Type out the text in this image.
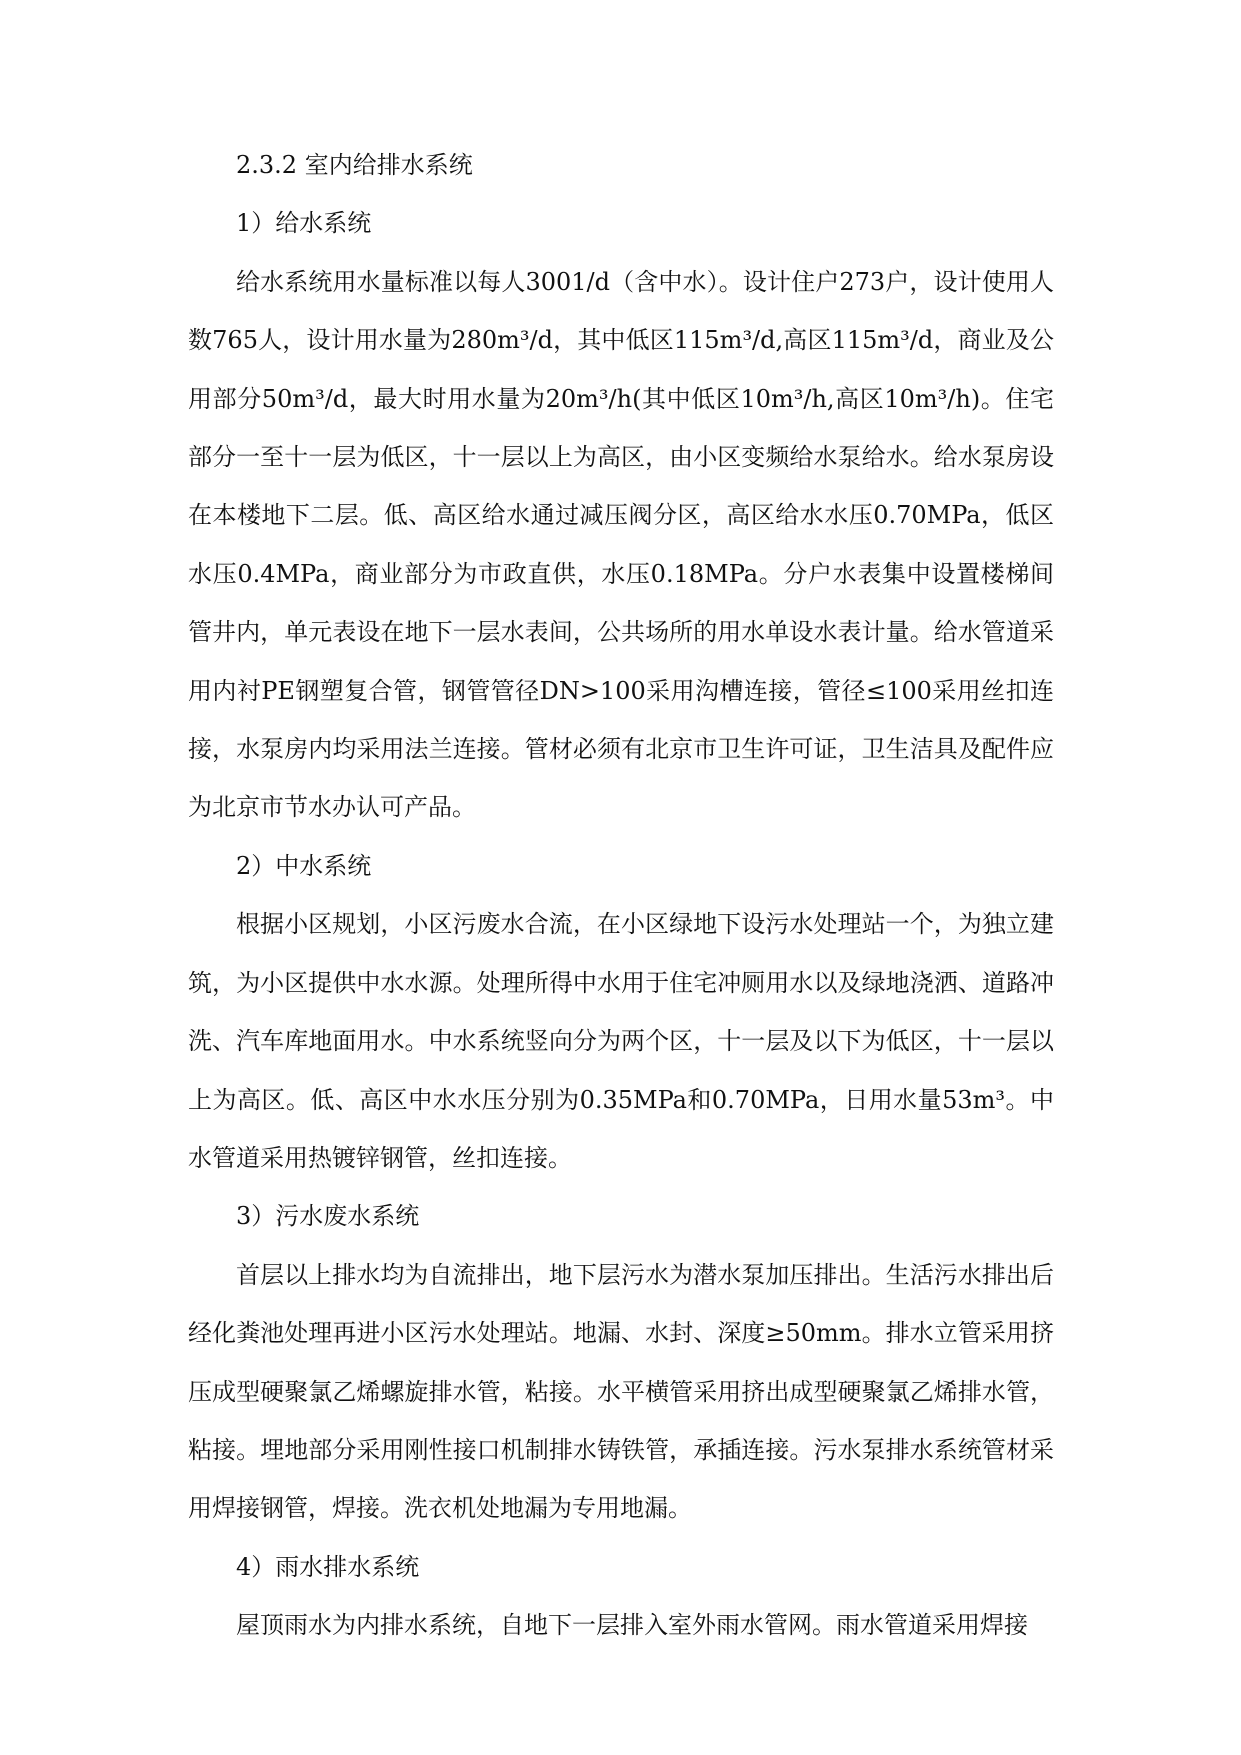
2.3.2 室内给排水系统

1）给水系统

给水系统用水量标准以每人3001/d（含中水）。设计住户273户，设计使用人数765人，设计用水量为280m³/d，其中低区115m³/d,高区115m³/d，商业及公用部分50m³/d，最大时用水量为20m³/h(其中低区10m³/h,高区10m³/h)。住宅部分一至十一层为低区，十一层以上为高区，由小区变频给水泵给水。给水泵房设在本楼地下二层。低、高区给水通过减压阀分区，高区给水水压0.70MPa，低区水压0.4MPa，商业部分为市政直供，水压0.18MPa。分户水表集中设置楼梯间管井内，单元表设在地下一层水表间，公共场所的用水单设水表计量。给水管道采用内衬PE钢塑复合管，钢管管径DN>100采用沟槽连接，管径≤100采用丝扣连接，水泵房内均采用法兰连接。管材必须有北京市卫生许可证，卫生洁具及配件应为北京市节水办认可产品。

2）中水系统

根据小区规划，小区污废水合流，在小区绿地下设污水处理站一个，为独立建筑，为小区提供中水水源。处理所得中水用于住宅冲厕用水以及绿地浇洒、道路冲洗、汽车库地面用水。中水系统竖向分为两个区，十一层及以下为低区，十一层以上为高区。低、高区中水水压分别为0.35MPa和0.70MPa，日用水量53m³。中水管道采用热镀锌钢管，丝扣连接。

3）污水废水系统

首层以上排水均为自流排出，地下层污水为潜水泵加压排出。生活污水排出后经化粪池处理再进小区污水处理站。地漏、水封、深度≥50mm。排水立管采用挤压成型硬聚氯乙烯螺旋排水管，粘接。水平横管采用挤出成型硬聚氯乙烯排水管，粘接。埋地部分采用刚性接口机制排水铸铁管，承插连接。污水泵排水系统管材采用焊接钢管，焊接。洗衣机处地漏为专用地漏。

4）雨水排水系统

屋顶雨水为内排水系统，自地下一层排入室外雨水管网。雨水管道采用焊接
